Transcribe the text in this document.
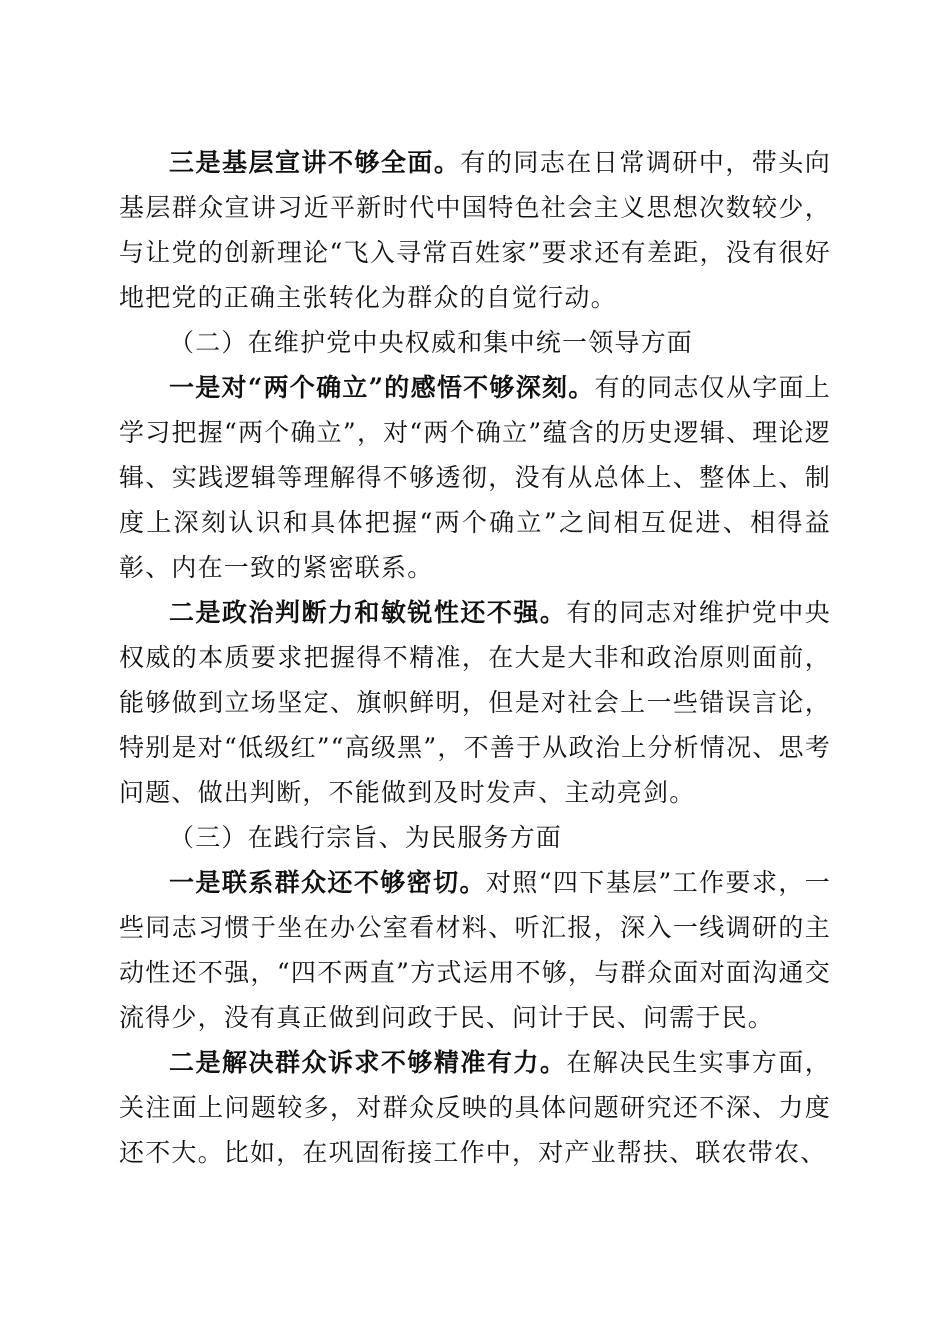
三是基层宣讲不够全面。有的同志在日常调研中，带头向基层群众宣讲习近平新时代中国特色社会主义思想次数较少，与让党的创新理论“飞入寻常百姓家”要求还有差距，没有很好地把党的正确主张转化为群众的自觉行动。

（二）在维护党中央权威和集中统一领导方面

一是对“两个确立”的感悟不够深刻。有的同志仅从字面上学习把握“两个确立”，对“两个确立”蕴含的历史逻辑、理论逻辑、实践逻辑等理解得不够透彻，没有从总体上、整体上、制度上深刻认识和具体把握“两个确立”之间相互促进、相得益彰、内在一致的紧密联系。

二是政治判断力和敏锐性还不强。有的同志对维护党中央权威的本质要求把握得不精准，在大是大非和政治原则面前，能够做到立场坚定、旗帜鲜明，但是对社会上一些错误言论，特别是对“低级红”“高级黑”，不善于从政治上分析情况、思考问题、做出判断，不能做到及时发声、主动亮剑。

（三）在践行宗旨、为民服务方面

一是联系群众还不够密切。对照“四下基层”工作要求，一些同志习惯于坐在办公室看材料、听汇报，深入一线调研的主动性还不强，“四不两直”方式运用不够，与群众面对面沟通交流得少，没有真正做到问政于民、问计于民、问需于民。

二是解决群众诉求不够精准有力。在解决民生实事方面，关注面上问题较多，对群众反映的具体问题研究还不深、力度还不大。比如，在巩固衔接工作中，对产业帮扶、联农带农、
